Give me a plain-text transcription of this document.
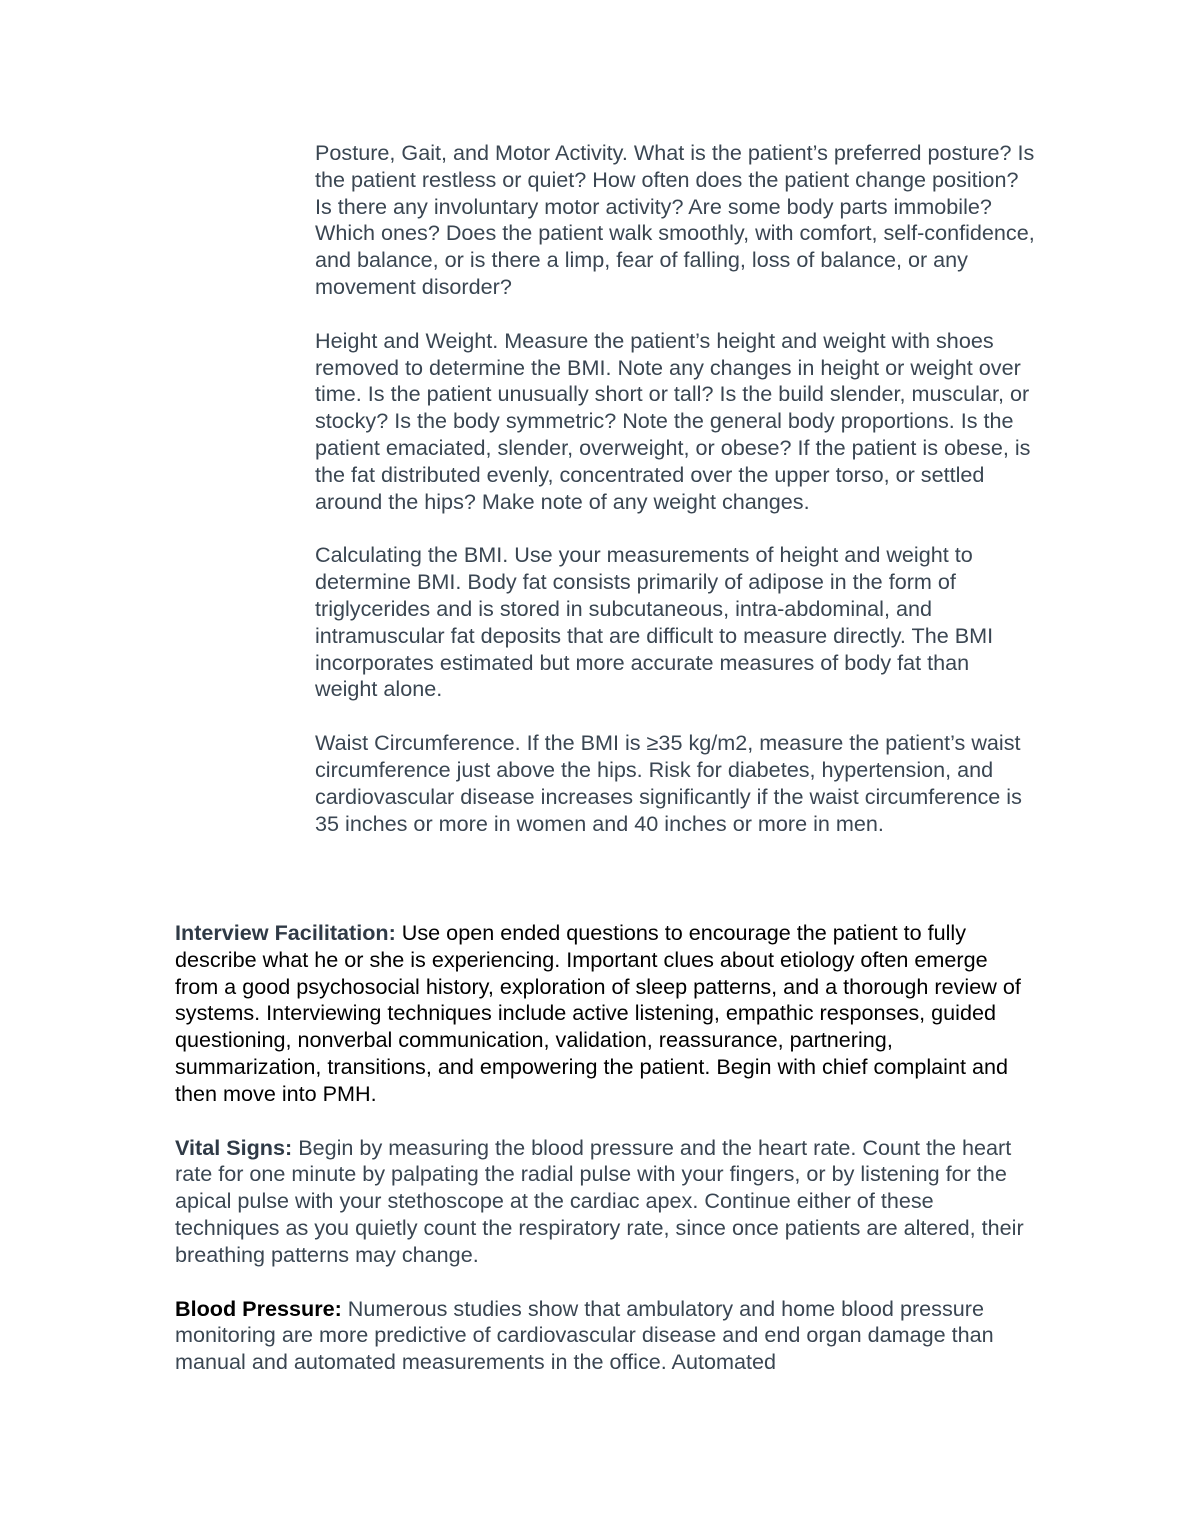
Posture, Gait, and Motor Activity. What is the patient’s preferred posture? Is the patient restless or quiet? How often does the patient change position? Is there any involuntary motor activity? Are some body parts immobile? Which ones? Does the patient walk smoothly, with comfort, self-confidence, and balance, or is there a limp, fear of falling, loss of balance, or any movement disorder?

Height and Weight. Measure the patient’s height and weight with shoes removed to determine the BMI. Note any changes in height or weight over time. Is the patient unusually short or tall? Is the build slender, muscular, or stocky? Is the body symmetric? Note the general body proportions. Is the patient emaciated, slender, overweight, or obese? If the patient is obese, is the fat distributed evenly, concentrated over the upper torso, or settled around the hips? Make note of any weight changes.

Calculating the BMI. Use your measurements of height and weight to determine BMI. Body fat consists primarily of adipose in the form of triglycerides and is stored in subcutaneous, intra-abdominal, and intramuscular fat deposits that are difficult to measure directly. The BMI incorporates estimated but more accurate measures of body fat than weight alone.

Waist Circumference. If the BMI is ≥35 kg/m2, measure the patient’s waist circumference just above the hips. Risk for diabetes, hypertension, and cardiovascular disease increases significantly if the waist circumference is 35 inches or more in women and 40 inches or more in men.

Interview Facilitation: Use open ended questions to encourage the patient to fully describe what he or she is experiencing. Important clues about etiology often emerge from a good psychosocial history, exploration of sleep patterns, and a thorough review of systems. Interviewing techniques include active listening, empathic responses, guided questioning, nonverbal communication, validation, reassurance, partnering, summarization, transitions, and empowering the patient. Begin with chief complaint and then move into PMH.

Vital Signs: Begin by measuring the blood pressure and the heart rate. Count the heart rate for one minute by palpating the radial pulse with your fingers, or by listening for the apical pulse with your stethoscope at the cardiac apex. Continue either of these techniques as you quietly count the respiratory rate, since once patients are altered, their breathing patterns may change.

Blood Pressure: Numerous studies show that ambulatory and home blood pressure monitoring are more predictive of cardiovascular disease and end organ damage than manual and automated measurements in the office. Automated
